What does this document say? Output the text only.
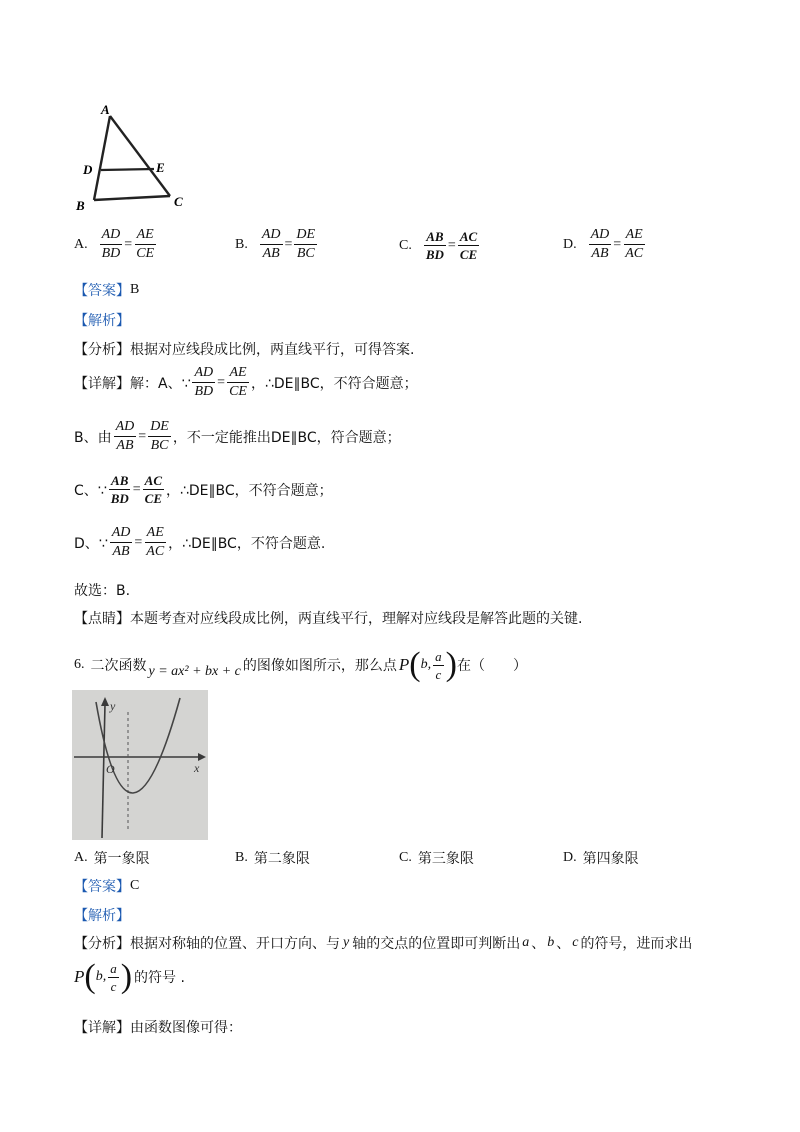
A
D	E
B	C
A. $\frac{AD}{BD} = \frac{AE}{CE}$	B. $\frac{AD}{AB} = \frac{DE}{BC}$	C. $\frac{AB}{BD} = \frac{AC}{CE}$	D. $\frac{AD}{AB} = \frac{AE}{AC}$
【答案】 B
【解析】
【分析】 根据对应线段成比例，两直线平行，可得答案.
【详解】 解：A、∵ $\frac{AD}{BD} = \frac{AE}{CE}$ ，∴DE∥BC，不符合题意；
B、由 $\frac{AD}{AB} = \frac{DE}{BC}$ ，不一定能推出DE∥BC，符合题意；
C、∵ $\frac{AB}{BD} = \frac{AC}{CE}$ ，∴DE∥BC，不符合题意；
D、∵ $\frac{AD}{AB} = \frac{AE}{AC}$ ，∴DE∥BC，不符合题意.
故选：B.
【点睛】 本题考查对应线段成比例，两直线平行，理解对应线段是解答此题的关键.
6. 二次函数 y = ax² + bx + c 的图像如图所示，那么点 P ( b, $\frac{a}{c}$ ) 在（　　）
y
x
O
A. 第一象限	B. 第二象限	C. 第三象限	D. 第四象限
【答案】 C
【解析】
【分析】 根据对称轴的位置、开口方向、与 y 轴的交点的位置即可判断出 a 、 b 、 c 的符号，进而求出
P ( b, $\frac{a}{c}$ ) 的符号 .
【详解】 由函数图像可得：
